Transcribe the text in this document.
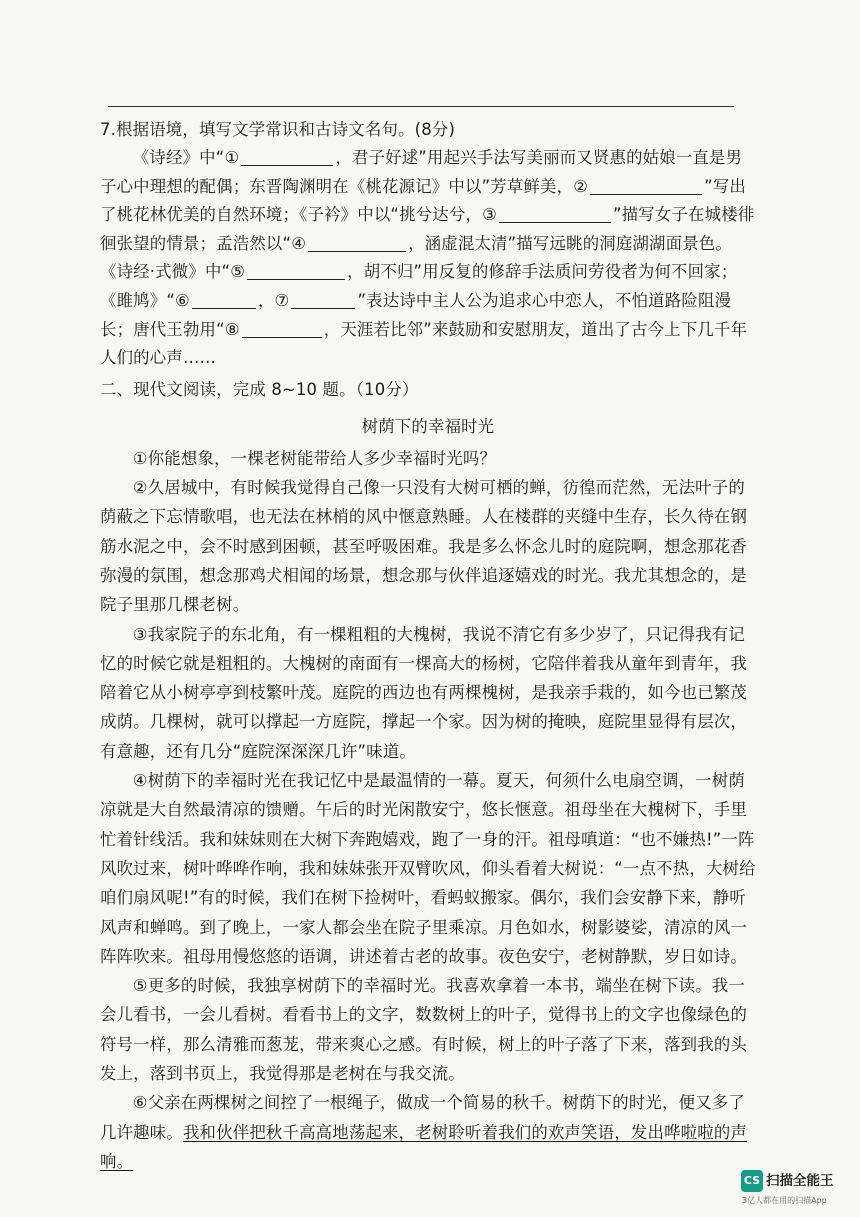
7.根据语境，填写文学常识和古诗文名句。(8分)
《诗经》中“①	，君子好逑”用起兴手法写美丽而又贤惠的姑娘一直是男子心中理想的配偶；东晋陶渊明在《桃花源记》中以”芳草鲜美，②	”写出了桃花林优美的自然环境；《子衿》中以“挑兮达兮，③	”描写女子在城楼徘徊张望的情景；孟浩然以“④	，涵虚混太清”描写远眺的洞庭湖湖面景色。《诗经·式微》中“⑤	，胡不归”用反复的修辞手法质问劳役者为何不回家；《雎鸠》“⑥	，⑦	”表达诗中主人公为追求心中恋人，不怕道路险阻漫长；唐代王勃用“⑧	，天涯若比邻”来鼓励和安慰朋友，道出了古今上下几千年人们的心声……
二、现代文阅读，完成 8~10 题。（10分）
树荫下的幸福时光
①你能想象，一棵老树能带给人多少幸福时光吗？
②久居城中，有时候我觉得自己像一只没有大树可栖的蝉，彷徨而茫然，无法叶子的荫蔽之下忘情歌唱，也无法在林梢的风中惬意熟睡。人在楼群的夹缝中生存，长久待在钢筋水泥之中，会不时感到困顿，甚至呼吸困难。我是多么怀念儿时的庭院啊，想念那花香弥漫的氛围，想念那鸡犬相闻的场景，想念那与伙伴追逐嬉戏的时光。我尤其想念的，是院子里那几棵老树。
③我家院子的东北角，有一棵粗粗的大槐树，我说不清它有多少岁了，只记得我有记忆的时候它就是粗粗的。大槐树的南面有一棵高大的杨树，它陪伴着我从童年到青年，我陪着它从小树亭亭到枝繁叶茂。庭院的西边也有两棵槐树，是我亲手栽的，如今也已繁茂成荫。几棵树，就可以撑起一方庭院，撑起一个家。因为树的掩映，庭院里显得有层次，有意趣，还有几分“庭院深深深几许”味道。
④树荫下的幸福时光在我记忆中是最温情的一幕。夏天，何须什么电扇空调，一树荫凉就是大自然最清凉的馈赠。午后的时光闲散安宁，悠长惬意。祖母坐在大槐树下，手里忙着针线活。我和妹妹则在大树下奔跑嬉戏，跑了一身的汗。祖母嗔道：“也不嫌热!”一阵风吹过来，树叶哗哗作响，我和妹妹张开双臂吹风，仰头看着大树说：“一点不热，大树给咱们扇风呢!”有的时候，我们在树下捡树叶，看蚂蚁搬家。偶尔，我们会安静下来，静听风声和蝉鸣。到了晚上，一家人都会坐在院子里乘凉。月色如水，树影婆娑，清凉的风一阵阵吹来。祖母用慢悠悠的语调，讲述着古老的故事。夜色安宁，老树静默，岁日如诗。
⑤更多的时候，我独享树荫下的幸福时光。我喜欢拿着一本书，端坐在树下读。我一会儿看书，一会儿看树。看看书上的文字，数数树上的叶子，觉得书上的文字也像绿色的符号一样，那么清雅而葱茏，带来爽心之感。有时候，树上的叶子落了下来，落到我的头发上，落到书页上，我觉得那是老树在与我交流。
⑥父亲在两棵树之间控了一根绳子，做成一个简易的秋千。树荫下的时光，便又多了几许趣味。我和伙伴把秋千高高地荡起来，老树聆听着我们的欢声笑语，发出哗啦啦的声响。
CS 扫描全能王
3亿人都在用的扫描App
